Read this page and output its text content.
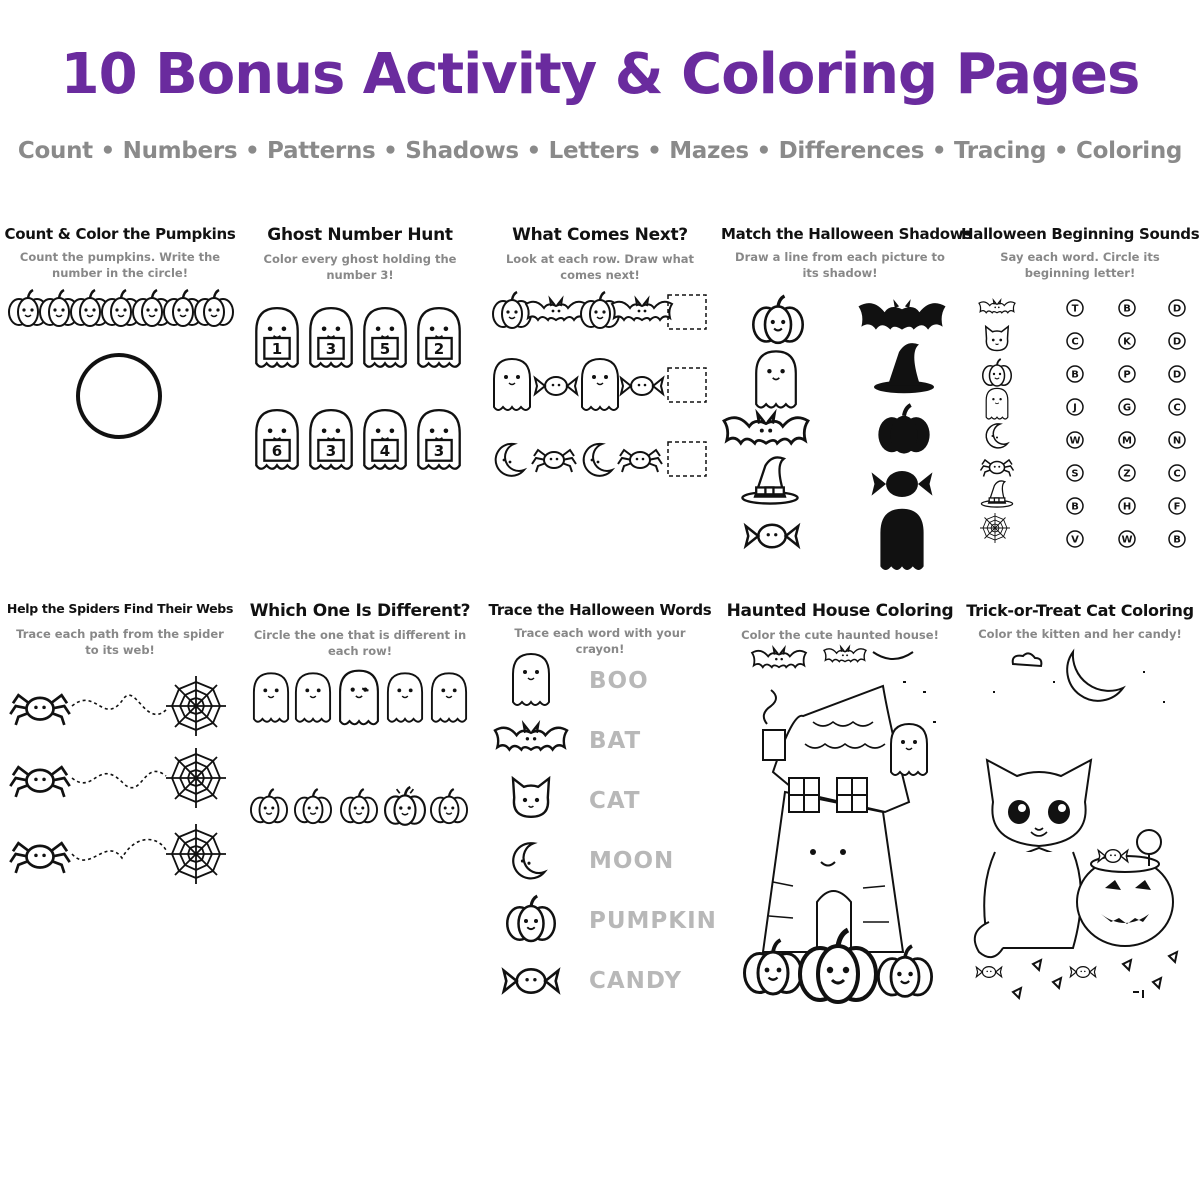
10 Bonus Activity & Coloring Pages
Count • Numbers • Patterns • Shadows • Letters • Mazes • Differences • Tracing • Coloring
Count & Color the Pumpkins
Count the pumpkins. Write the number in the circle!
Ghost Number Hunt
Color every ghost holding the number 3!
1	3	5	2
6	3	4	3
What Comes Next?
Look at each row. Draw what comes next!
Match the Halloween Shadows
Draw a line from each picture to its shadow!
Halloween Beginning Sounds
Say each word. Circle its beginning letter!
T	B	D
C	K	D
B	P	D
J	G	C
W	M	N
S	Z	C
B	H	F
V	W	B
Help the Spiders Find Their Webs
Trace each path from the spider to its web!
Which One Is Different?
Circle the one that is different in each row!
Trace the Halloween Words
Trace each word with your crayon!
BOO
BAT
CAT
MOON
PUMPKIN
CANDY
Haunted House Coloring
Color the cute haunted house!
Trick-or-Treat Cat Coloring
Color the kitten and her candy!
